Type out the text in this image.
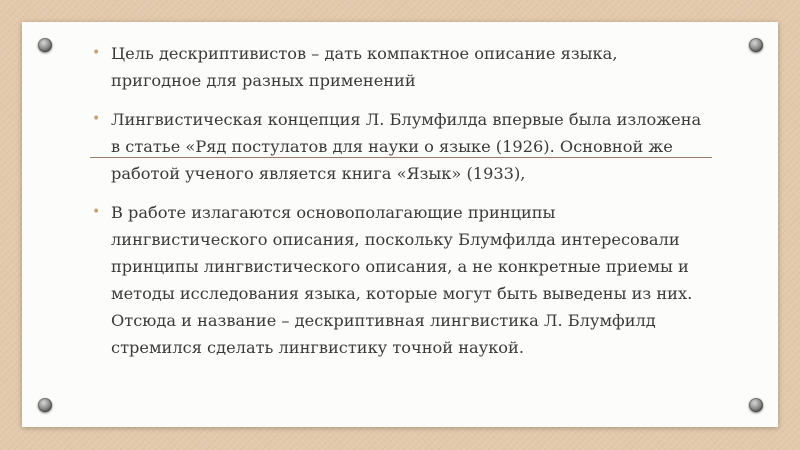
• Цель дескриптивистов – дать компактное описание языка, пригодное для разных применений
• Лингвистическая концепция Л. Блумфилда впервые была изложена в статье «Ряд постулатов для науки о языке (1926). Основной же работой ученого является книга «Язык» (1933),
• В работе излагаются основополагающие принципы лингвистического описания, поскольку Блумфилда интересовали принципы лингвистического описания, а не конкретные приемы и методы исследования языка, которые могут быть выведены из них. Отсюда и название – дескриптивная лингвистика Л. Блумфилд стремился сделать лингвистику точной наукой.
